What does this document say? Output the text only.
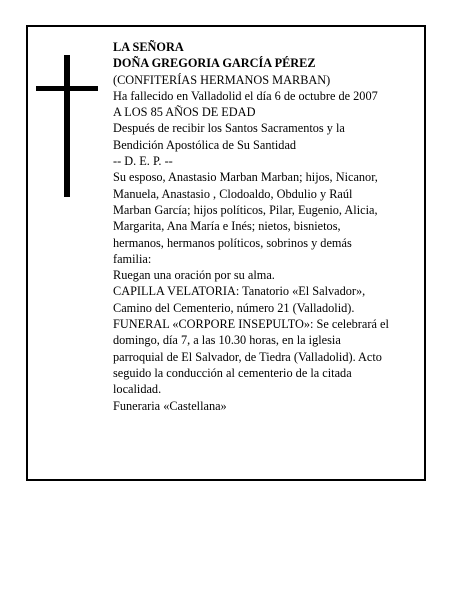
LA SEÑORA
DOÑA GREGORIA GARCÍA PÉREZ
(CONFITERÍAS HERMANOS MARBAN)
Ha fallecido en Valladolid el día 6 de octubre de 2007
A LOS 85 AÑOS DE EDAD
Después de recibir los Santos Sacramentos y la
Bendición Apostólica de Su Santidad
-- D. E. P. --
Su esposo, Anastasio Marban Marban; hijos, Nicanor,
Manuela, Anastasio , Clodoaldo, Obdulio y Raúl
Marban García; hijos políticos, Pilar, Eugenio, Alicia,
Margarita, Ana María e Inés; nietos, bisnietos,
hermanos, hermanos políticos, sobrinos y demás
familia:
Ruegan una oración por su alma.
CAPILLA VELATORIA: Tanatorio «El Salvador»,
Camino del Cementerio, número 21 (Valladolid).
FUNERAL «CORPORE INSEPULTO»: Se celebrará el
domingo, día 7, a las 10.30 horas, en la iglesia
parroquial de El Salvador, de Tiedra (Valladolid). Acto
seguido la conducción al cementerio de la citada
localidad.
Funeraria «Castellana»
